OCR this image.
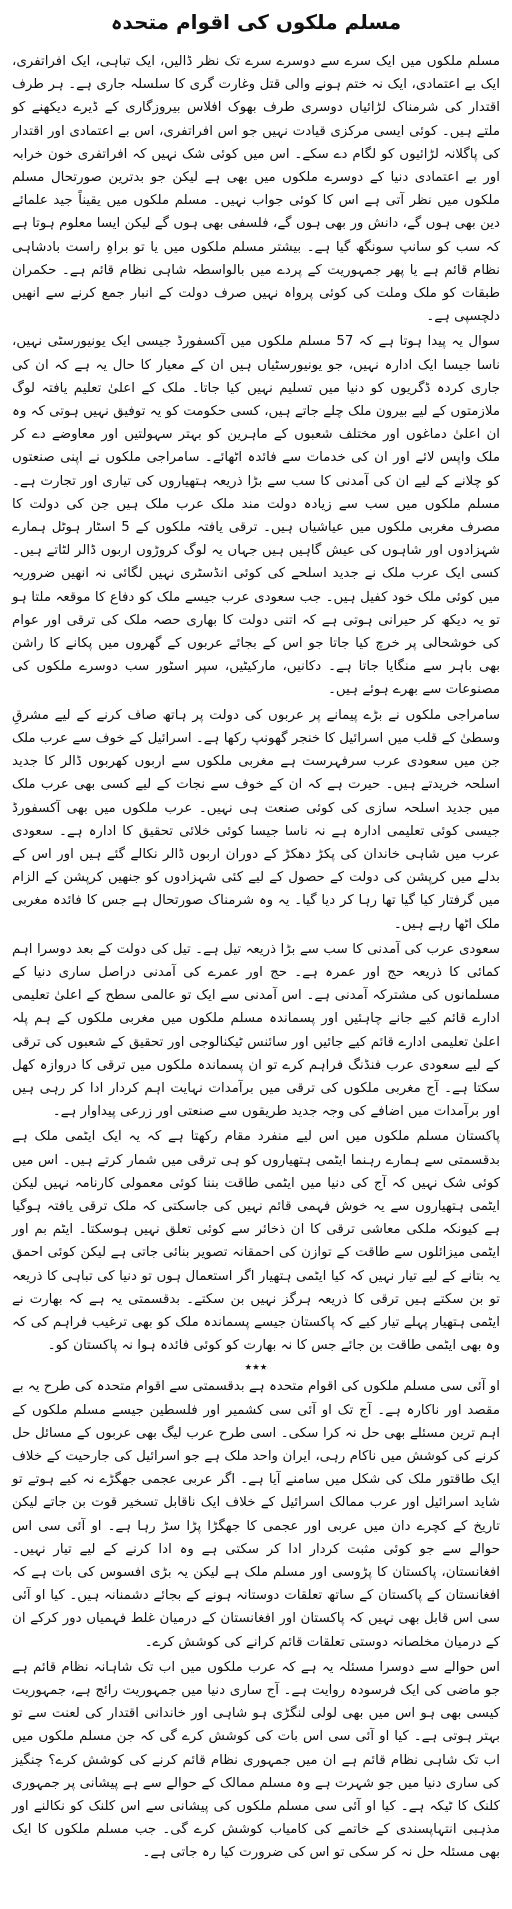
مسلم ملکوں کی اقوام متحدہ

مسلم ملکوں میں ایک سرے سے دوسرے سرے تک نظر ڈالیں، ایک تباہی، ایک افراتفری، ایک بے اعتمادی، ایک نہ ختم ہونے والی قتل وغارت گری کا سلسلہ جاری ہے۔ ہر طرف اقتدار کی شرمناک لڑائیاں دوسری طرف بھوک افلاس بیروزگاری کے ڈیرے دیکھنے کو ملتے ہیں۔ کوئی ایسی مرکزی قیادت نہیں جو اس افراتفری، اس بے اعتمادی اور اقتدار کی پاگلانہ لڑائیوں کو لگام دے سکے۔ اس میں کوئی شک نہیں کہ افراتفری خون خرابہ اور بے اعتمادی دنیا کے دوسرے ملکوں میں بھی ہے لیکن جو بدترین صورتحال مسلم ملکوں میں نظر آتی ہے اس کا کوئی جواب نہیں۔ مسلم ملکوں میں یقیناً جید علمائے دین بھی ہوں گے، دانش ور بھی ہوں گے، فلسفی بھی ہوں گے لیکن ایسا معلوم ہوتا ہے کہ سب کو سانپ سونگھ گیا ہے۔ بیشتر مسلم ملکوں میں یا تو براہِ راست بادشاہی نظام قائم ہے یا پھر جمہوریت کے پردے میں بالواسطہ شاہی نظام قائم ہے۔ حکمران طبقات کو ملک وملت کی کوئی پرواہ نہیں صرف دولت کے انبار جمع کرنے سے انھیں دلچسپی ہے۔

سوال یہ پیدا ہوتا ہے کہ 57 مسلم ملکوں میں آکسفورڈ جیسی ایک یونیورسٹی نہیں، ناسا جیسا ایک ادارہ نہیں، جو یونیورسٹیاں ہیں ان کے معیار کا حال یہ ہے کہ ان کی جاری کردہ ڈگریوں کو دنیا میں تسلیم نہیں کیا جاتا۔ ملک کے اعلیٰ تعلیم یافتہ لوگ ملازمتوں کے لیے بیرون ملک چلے جاتے ہیں، کسی حکومت کو یہ توفیق نہیں ہوتی کہ وہ ان اعلیٰ دماغوں اور مختلف شعبوں کے ماہرین کو بہتر سہولتیں اور معاوضے دے کر ملک واپس لائے اور ان کی خدمات سے فائدہ اٹھائے۔ سامراجی ملکوں نے اپنی صنعتوں کو چلانے کے لیے ان کی آمدنی کا سب سے بڑا ذریعہ ہتھیاروں کی تیاری اور تجارت ہے۔ مسلم ملکوں میں سب سے زیادہ دولت مند ملک عرب ملک ہیں جن کی دولت کا مصرف مغربی ملکوں میں عیاشیاں ہیں۔ ترقی یافتہ ملکوں کے 5 اسٹار ہوٹل ہمارے شہزادوں اور شاہوں کی عیش گاہیں ہیں جہاں یہ لوگ کروڑوں اربوں ڈالر لٹاتے ہیں۔ کسی ایک عرب ملک نے جدید اسلحے کی کوئی انڈسٹری نہیں لگائی نہ انھیں ضروریہ میں کوئی ملک خود کفیل ہیں۔ جب سعودی عرب جیسے ملک کو دفاع کا موقعہ ملتا ہو تو یہ دیکھ کر حیرانی ہوتی ہے کہ اتنی دولت کا بھاری حصہ ملک کی ترقی اور عوام کی خوشحالی پر خرچ کیا جاتا جو اس کے بجائے عربوں کے گھروں میں پکانے کا راشن بھی باہر سے منگایا جاتا ہے۔ دکانیں، مارکیٹیں، سپر اسٹور سب دوسرے ملکوں کی مصنوعات سے بھرے ہوئے ہیں۔

سامراجی ملکوں نے بڑے پیمانے پر عربوں کی دولت پر ہاتھ صاف کرنے کے لیے مشرقِ وسطیٰ کے قلب میں اسرائیل کا خنجر گھونپ رکھا ہے۔ اسرائیل کے خوف سے عرب ملک جن میں سعودی عرب سرفہرست ہے مغربی ملکوں سے اربوں کھربوں ڈالر کا جدید اسلحہ خریدتے ہیں۔ حیرت ہے کہ ان کے خوف سے نجات کے لیے کسی بھی عرب ملک میں جدید اسلحہ سازی کی کوئی صنعت ہی نہیں۔ عرب ملکوں میں بھی آکسفورڈ جیسی کوئی تعلیمی ادارہ ہے نہ ناسا جیسا کوئی خلائی تحقیق کا ادارہ ہے۔ سعودی عرب میں شاہی خاندان کی پکڑ دھکڑ کے دوران اربوں ڈالر نکالے گئے ہیں اور اس کے بدلے میں کرپشن کی دولت کے حصول کے لیے کئی شہزادوں کو جنھیں کرپشن کے الزام میں گرفتار کیا گیا تھا رہا کر دیا گیا۔ یہ وہ شرمناک صورتحال ہے جس کا فائدہ مغربی ملک اٹھا رہے ہیں۔

سعودی عرب کی آمدنی کا سب سے بڑا ذریعہ تیل ہے۔ تیل کی دولت کے بعد دوسرا اہم کمائی کا ذریعہ حج اور عمرہ ہے۔ حج اور عمرے کی آمدنی دراصل ساری دنیا کے مسلمانوں کی مشترکہ آمدنی ہے۔ اس آمدنی سے ایک تو عالمی سطح کے اعلیٰ تعلیمی ادارے قائم کیے جانے چاہئیں اور پسماندہ مسلم ملکوں میں مغربی ملکوں کے ہم پلہ اعلیٰ تعلیمی ادارے قائم کیے جائیں اور سائنس ٹیکنالوجی اور تحقیق کے شعبوں کی ترقی کے لیے سعودی عرب فنڈنگ فراہم کرے تو ان پسماندہ ملکوں میں ترقی کا دروازہ کھل سکتا ہے۔ آج مغربی ملکوں کی ترقی میں برآمدات نہایت اہم کردار ادا کر رہی ہیں اور برآمدات میں اضافے کی وجہ جدید طریقوں سے صنعتی اور زرعی پیداوار ہے۔

پاکستان مسلم ملکوں میں اس لیے منفرد مقام رکھتا ہے کہ یہ ایک ایٹمی ملک ہے بدقسمتی سے ہمارے رہنما ایٹمی ہتھیاروں کو ہی ترقی میں شمار کرتے ہیں۔ اس میں کوئی شک نہیں کہ آج کی دنیا میں ایٹمی طاقت بننا کوئی معمولی کارنامہ نہیں لیکن ایٹمی ہتھیاروں سے یہ خوش فہمی قائم نہیں کی جاسکتی کہ ملک ترقی یافتہ ہوگیا ہے کیونکہ ملکی معاشی ترقی کا ان ذخائر سے کوئی تعلق نہیں ہوسکتا۔ ایٹم بم اور ایٹمی میزائلوں سے طاقت کے توازن کی احمقانہ تصویر بنائی جاتی ہے لیکن کوئی احمق یہ بتانے کے لیے تیار نہیں کہ کیا ایٹمی ہتھیار اگر استعمال ہوں تو دنیا کی تباہی کا ذریعہ تو بن سکتے ہیں ترقی کا ذریعہ ہرگز نہیں بن سکتے۔ بدقسمتی یہ ہے کہ بھارت نے ایٹمی ہتھیار پہلے تیار کیے کہ پاکستان جیسے پسماندہ ملک کو بھی ترغیب فراہم کی کہ وہ بھی ایٹمی طاقت بن جائے جس کا نہ بھارت کو کوئی فائدہ ہوا نہ پاکستان کو۔

٭٭٭

او آئی سی مسلم ملکوں کی اقوام متحدہ ہے بدقسمتی سے اقوام متحدہ کی طرح یہ بے مقصد اور ناکارہ ہے۔ آج تک او آئی سی کشمیر اور فلسطین جیسے مسلم ملکوں کے اہم ترین مسئلے بھی حل نہ کرا سکی۔ اسی طرح عرب لیگ بھی عربوں کے مسائل حل کرنے کی کوشش میں ناکام رہی، ایران واحد ملک ہے جو اسرائیل کی جارحیت کے خلاف ایک طاقتور ملک کی شکل میں سامنے آیا ہے۔ اگر عربی عجمی جھگڑے نہ کیے ہوتے تو شاید اسرائیل اور عرب ممالک اسرائیل کے خلاف ایک ناقابل تسخیر قوت بن جاتے لیکن تاریخ کے کچرے دان میں عربی اور عجمی کا جھگڑا پڑا سڑ رہا ہے۔ او آئی سی اس حوالے سے جو کوئی مثبت کردار ادا کر سکتی ہے وہ ادا کرنے کے لیے تیار نہیں۔ افغانستان، پاکستان کا پڑوسی اور مسلم ملک ہے لیکن یہ بڑی افسوس کی بات ہے کہ افغانستان کے پاکستان کے ساتھ تعلقات دوستانہ ہونے کے بجائے دشمنانہ ہیں۔ کیا او آئی سی اس قابل بھی نہیں کہ پاکستان اور افغانستان کے درمیان غلط فہمیاں دور کرکے ان کے درمیان مخلصانہ دوستی تعلقات قائم کرانے کی کوشش کرے۔

اس حوالے سے دوسرا مسئلہ یہ ہے کہ عرب ملکوں میں اب تک شاہانہ نظام قائم ہے جو ماضی کی ایک فرسودہ روایت ہے۔ آج ساری دنیا میں جمہوریت رائج ہے، جمہوریت کیسی بھی ہو اس میں بھی لولی لنگڑی ہو شاہی اور خاندانی اقتدار کی لعنت سے تو بہتر ہوتی ہے۔ کیا او آئی سی اس بات کی کوشش کرے گی کہ جن مسلم ملکوں میں اب تک شاہی نظام قائم ہے ان میں جمہوری نظام قائم کرنے کی کوشش کرے؟ چنگیز کی ساری دنیا میں جو شہرت ہے وہ مسلم ممالک کے حوالے سے ہے پیشانی پر جمہوری کلنک کا ٹیکہ ہے۔ کیا او آئی سی مسلم ملکوں کی پیشانی سے اس کلنک کو نکالنے اور مذہبی انتہاپسندی کے خاتمے کی کامیاب کوشش کرے گی۔ جب مسلم ملکوں کا ایک بھی مسئلہ حل نہ کر سکی تو اس کی ضرورت کیا رہ جاتی ہے۔
